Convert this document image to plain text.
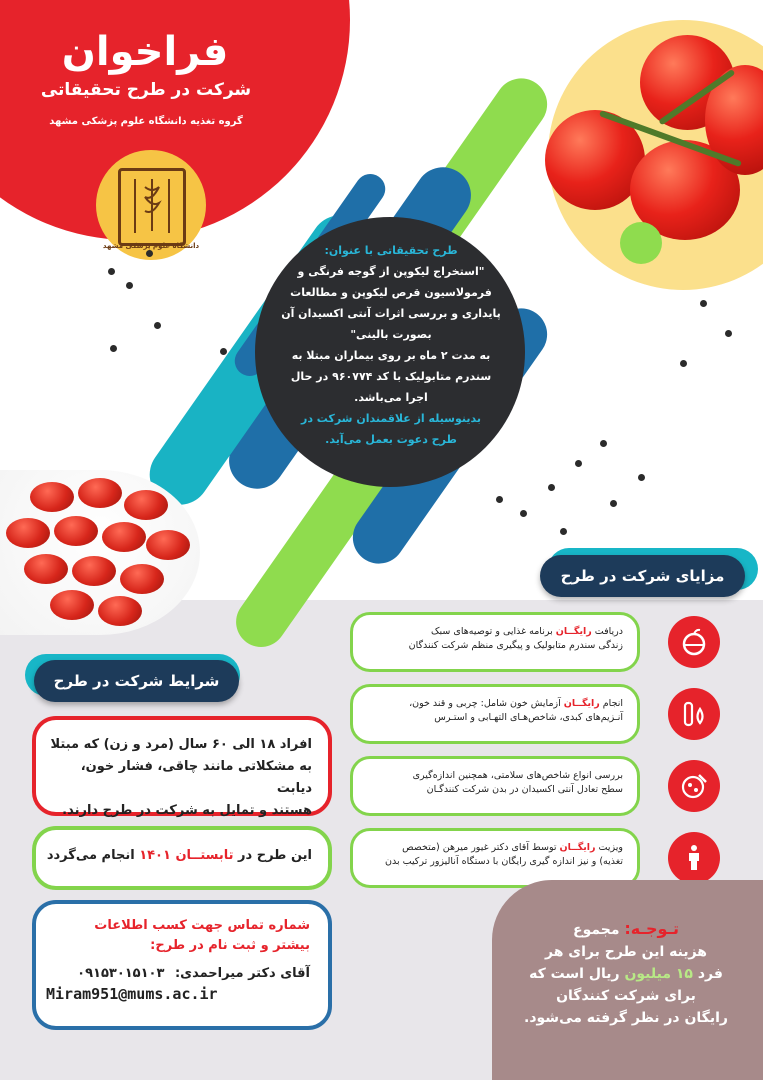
فراخوان
شرکت در طرح تحقیقاتی
گروه تغذیه دانشگاه علوم پزشکی مشهد
دانشگاه علوم پزشکی مشهد	طرح تحقیقاتی با عنوان:
"استخراج لیکوپن از گوجه فرنگی و
فرمولاسیون قرص لیکوپن و مطالعات
پایداری و بررسی اثرات آنتی اکسیدان آن
بصورت بالینی"
به مدت ۲ ماه بر روی بیماران مبتلا به
سندرم متابولیک با کد ۹۶۰۷۷۴ در حال
اجرا می‌باشد.
بدینوسیله از علاقمندان شرکت در
طرح دعوت بعمل می‌آید.
مزایای شرکت در طرح
دریافت رایگــان برنامه غذایی و توصیه‌های سبک
زندگی سندرم متابولیک و پیگیری منظم شرکت کنندگان
انجام رایگــان آزمایش خون شامل: چربی و قند خون،
آنـزیم‌های کبدی، شاخص‌هـای التهـابی و استـرس
بررسی انواع شاخص‌های سلامتی، همچنین اندازه‌گیری
سطح تعادل آنتی اکسیدان در بدن شرکت کنندگـان
ویزیت رایگــان توسط آقای دکتر غیور میرهن (متخصص
تغذیه) و نیز اندازه گیری رایگان با دستگاه آنالیزور ترکیب بدن
شرایط شرکت در طرح
افراد ۱۸ الی ۶۰ سال (مرد و زن) که مبتلا
به مشکلاتی مانند چاقی، فشار خون، دیابت
هستند و تمایل به شرکت در طرح دارند.
این طرح در تابستــان ۱۴۰۱ انجام می‌گردد
شماره تماس جهت کسب اطلاعات
بیشتر و ثبت نام در طرح:
آقای دکتر میراحمدی: ۰۹۱۵۳۰۱۵۱۰۳
Miram951@mums.ac.ir
تـوجـه: مجموع
هزینه این طرح برای هر
فرد ۱۵ میلیون ریال است که
برای شرکت کنندگان
رایگان در نظر گرفته می‌شود.
